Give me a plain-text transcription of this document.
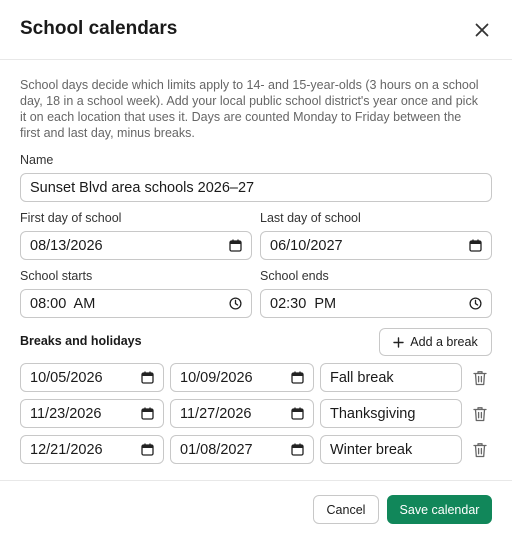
School calendars
School days decide which limits apply to 14- and 15-year-olds (3 hours on a school day, 18 in a school week). Add your local public school district's year once and pick it on each location that uses it. Days are counted Monday to Friday between the first and last day, minus breaks.
Name
Sunset Blvd area schools 2026–27
First day of school
08/13/2026
Last day of school
06/10/2027
School starts
08:00  AM
School ends
02:30  PM
Breaks and holidays	Add a break
10/05/2026	10/09/2026	Fall break
11/23/2026	11/27/2026	Thanksgiving
12/21/2026	01/08/2027	Winter break
Cancel	Save calendar
